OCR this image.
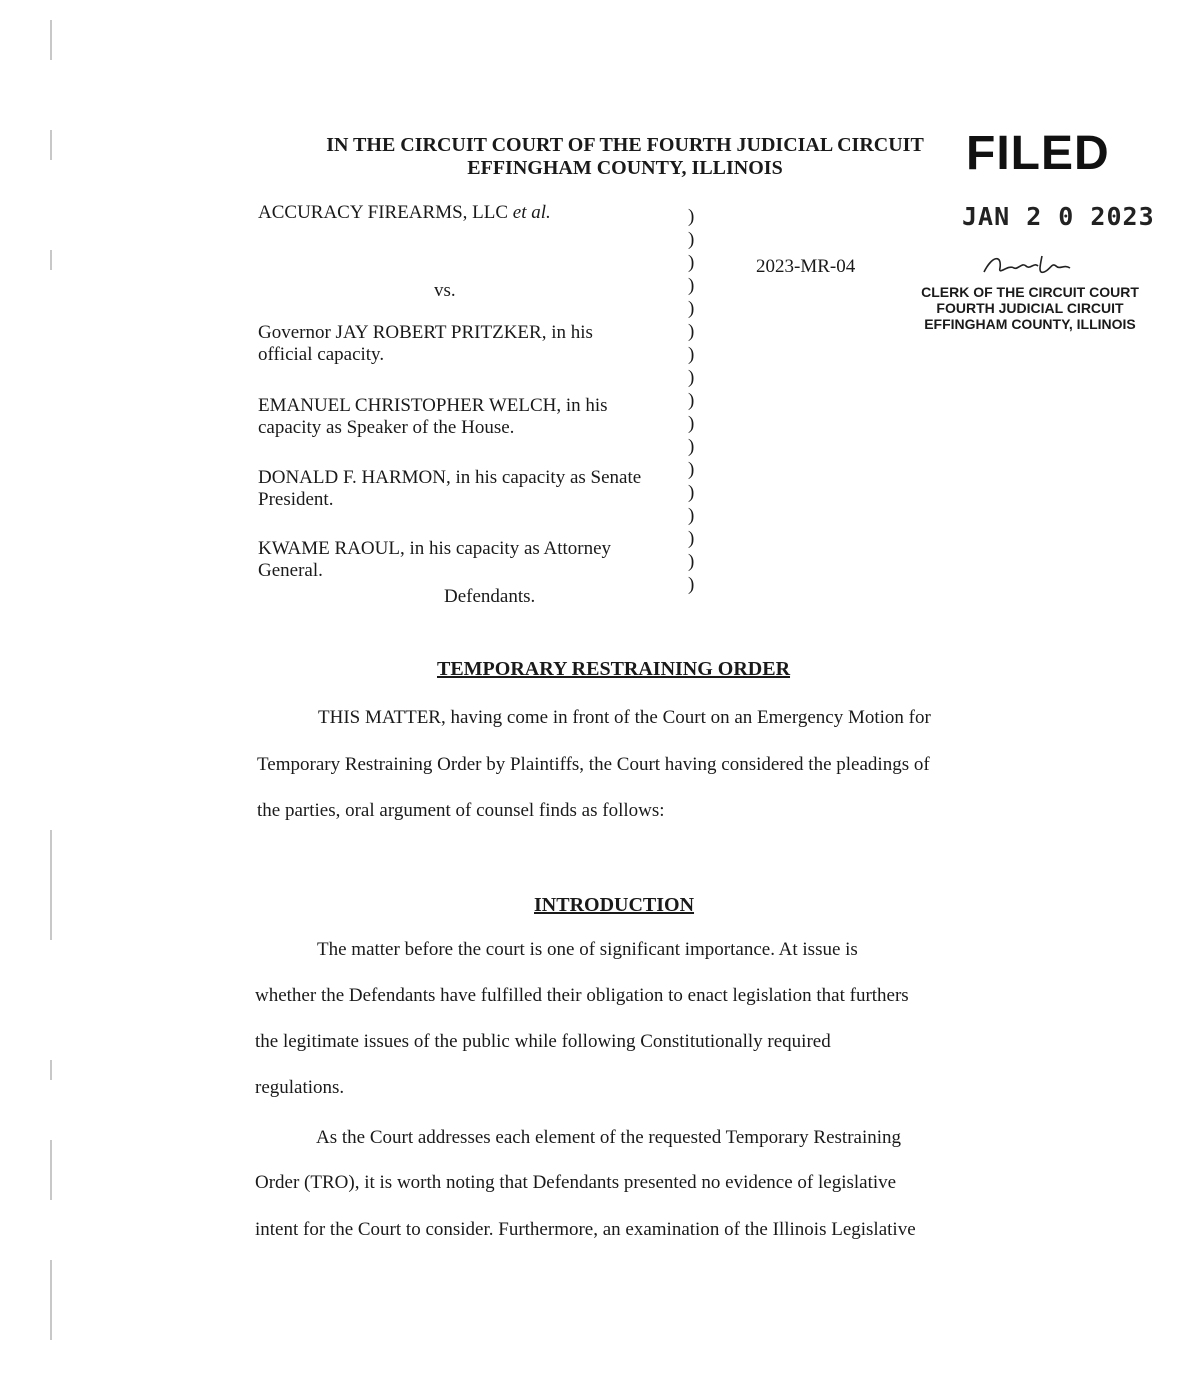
IN THE CIRCUIT COURT OF THE FOURTH JUDICIAL CIRCUIT
EFFINGHAM COUNTY, ILLINOIS	FILED
JAN 2 0 2023
CLERK OF THE CIRCUIT COURT
FOURTH JUDICIAL CIRCUIT
EFFINGHAM COUNTY, ILLINOIS
ACCURACY FIREARMS, LLC et al.
vs.
Governor JAY ROBERT PRITZKER, in his
official capacity.
EMANUEL CHRISTOPHER WELCH, in his
capacity as Speaker of the House.
DONALD F. HARMON, in his capacity as Senate
President.
KWAME RAOUL, in his capacity as Attorney
General.
Defendants.
)
)
)
)
)
)
)
)
)
)
)
)
)
)
)
)
)
2023-MR-04
TEMPORARY RESTRAINING ORDER
THIS MATTER, having come in front of the Court on an Emergency Motion for
Temporary Restraining Order by Plaintiffs, the Court having considered the pleadings of
the parties, oral argument of counsel finds as follows:
INTRODUCTION
The matter before the court is one of significant importance. At issue is
whether the Defendants have fulfilled their obligation to enact legislation that furthers
the legitimate issues of the public while following Constitutionally required
regulations.
As the Court addresses each element of the requested Temporary Restraining
Order (TRO), it is worth noting that Defendants presented no evidence of legislative
intent for the Court to consider. Furthermore, an examination of the Illinois Legislative
